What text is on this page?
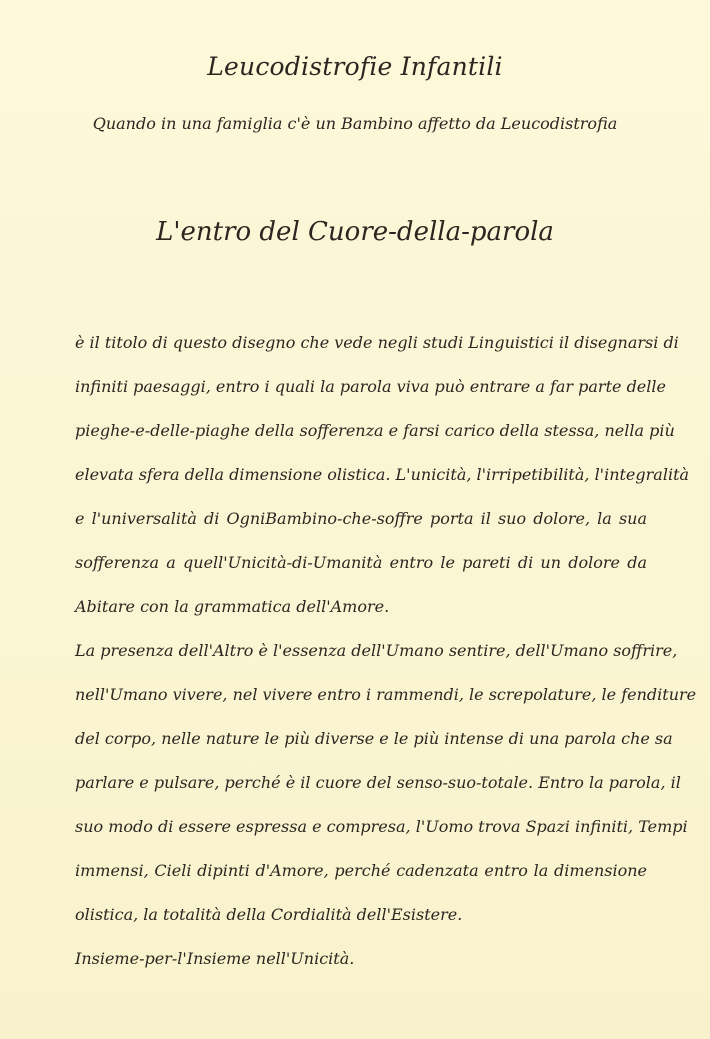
Leucodistrofie Infantili
Quando in una famiglia c'è un Bambino affetto da Leucodistrofia
L'entro del Cuore-della-parola
è il titolo di questo disegno che vede negli studi Linguistici il disegnarsi di
infiniti paesaggi, entro i quali la parola viva può entrare a far parte delle
pieghe-e-delle-piaghe della sofferenza e farsi carico della stessa, nella più
elevata sfera della dimensione olistica. L'unicità, l'irripetibilità, l'integralità
e l'universalità di OgniBambino-che-soffre porta il suo dolore, la sua
sofferenza a quell'Unicità-di-Umanità entro le pareti di un dolore da
Abitare con la grammatica dell'Amore.
La presenza dell'Altro è l'essenza dell'Umano sentire, dell'Umano soffrire,
nell'Umano vivere, nel vivere entro i rammendi, le screpolature, le fenditure
del corpo, nelle nature le più diverse e le più intense di una parola che sa
parlare e pulsare, perché è il cuore del senso-suo-totale. Entro la parola, il
suo modo di essere espressa e compresa, l'Uomo trova Spazi infiniti, Tempi
immensi, Cieli dipinti d'Amore, perché cadenzata entro la dimensione
olistica, la totalità della Cordialità dell'Esistere.
Insieme-per-l'Insieme nell'Unicità.
